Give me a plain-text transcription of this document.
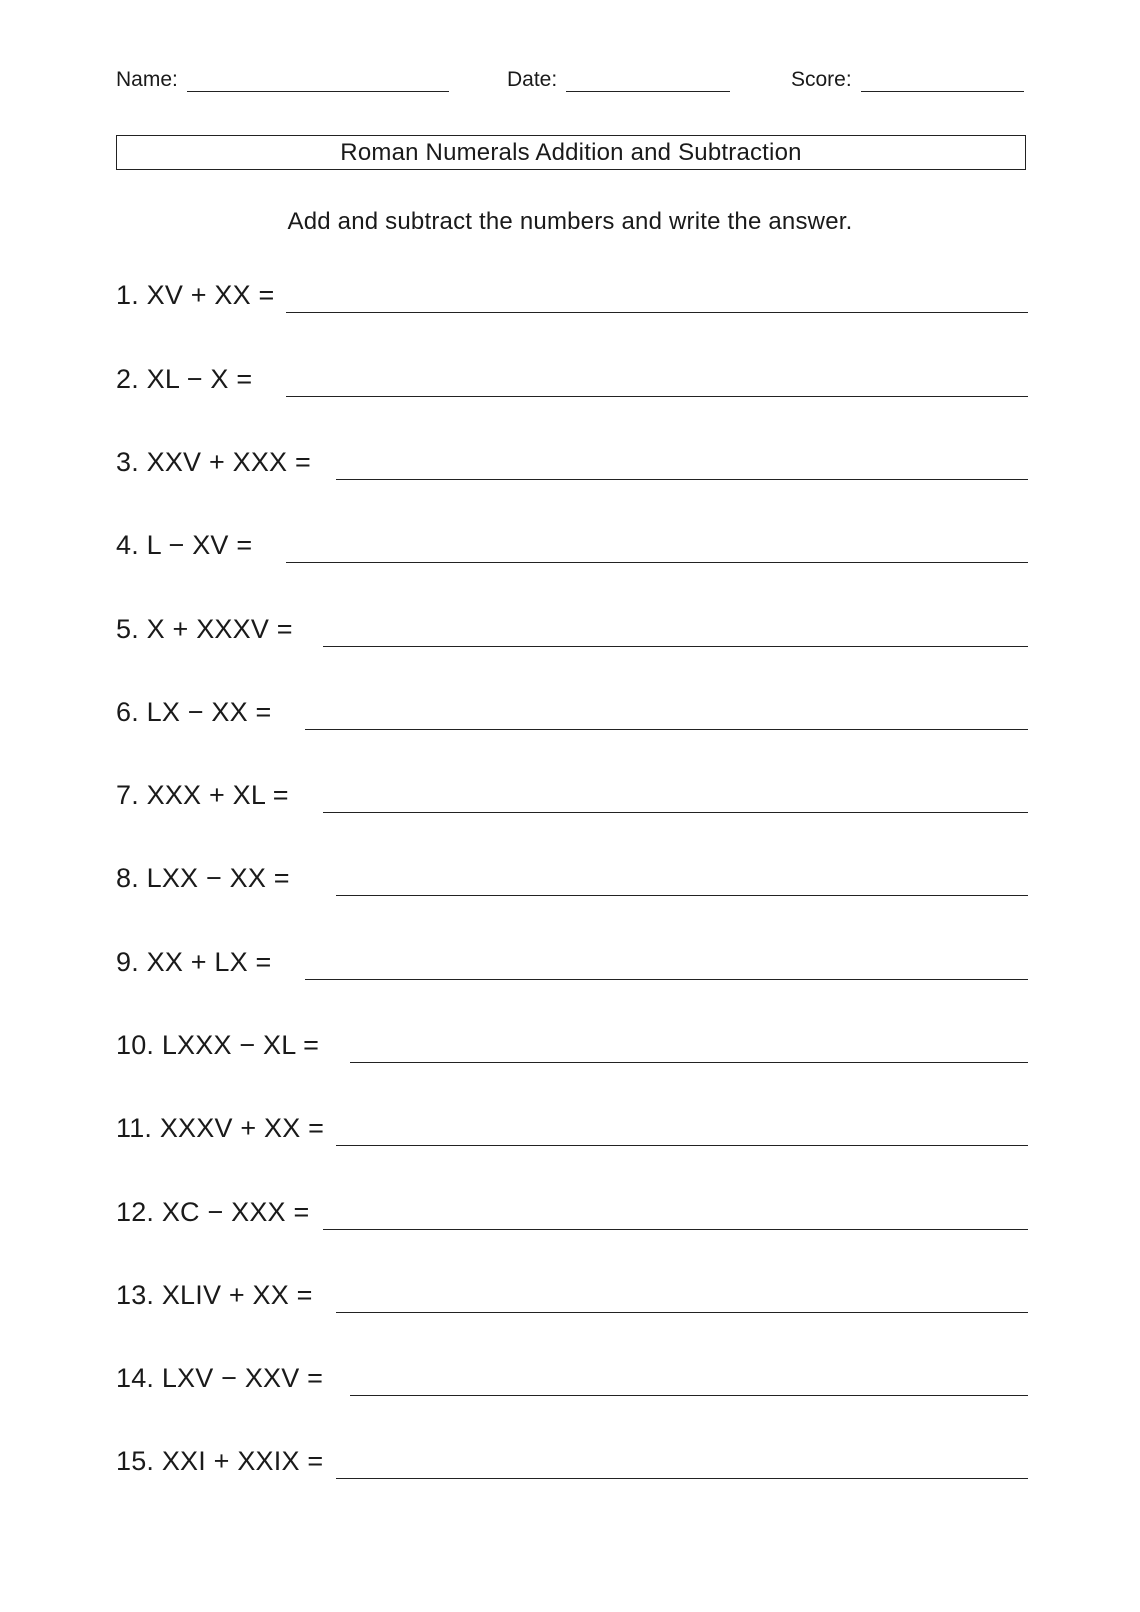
Name:	Date:	Score:
Roman Numerals Addition and Subtraction
Add and subtract the numbers and write the answer.
1. XV + XX =
2. XL − X =
3. XXV + XXX =
4. L − XV =
5. X + XXXV =
6. LX − XX =
7. XXX + XL =
8. LXX − XX =
9. XX + LX =
10. LXXX − XL =
11. XXXV + XX =
12. XC − XXX =
13. XLIV + XX =
14. LXV − XXV =
15. XXI + XXIX =
